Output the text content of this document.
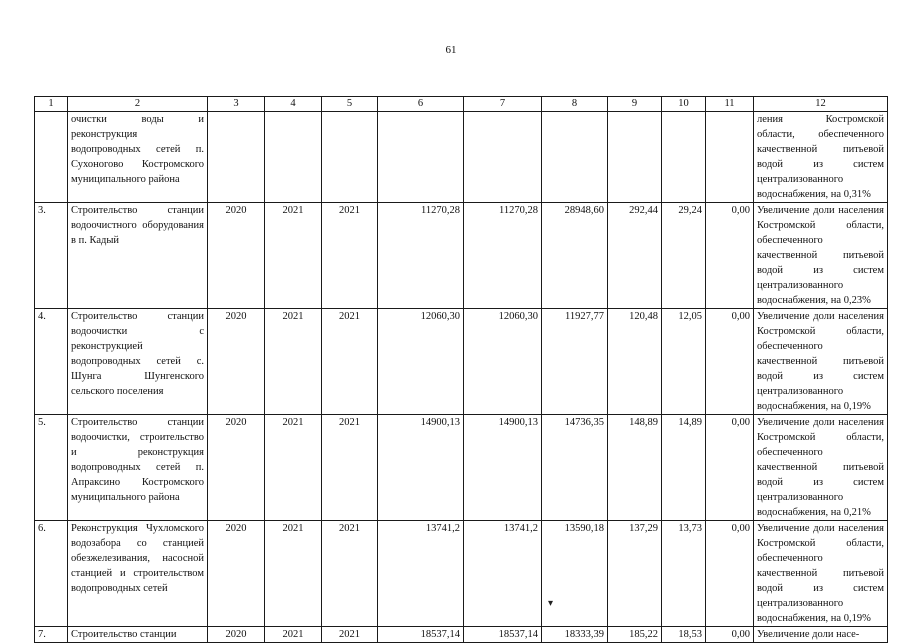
61
1	2	3	4	5	6	7	8	9	10	11	12
	очистки воды и реконструкция водопроводных сетей п. Сухоногово Костромского муниципального района										ления Костромской области, обеспеченного качественной питьевой водой из систем централизованного водоснабжения, на 0,31%
3.	Строительство станции водоочистного оборудования в п. Кадый	2020	2021	2021	11270,28	11270,28	28948,60	292,44	29,24	0,00	Увеличение доли населения Костромской области, обеспеченного качественной питьевой водой из систем централизованного водоснабжения, на 0,23%
4.	Строительство станции водоочистки с реконструкцией водопроводных сетей с. Шунга Шунгенского сельского поселения	2020	2021	2021	12060,30	12060,30	11927,77	120,48	12,05	0,00	Увеличение доли населения Костромской области, обеспеченного качественной питьевой водой из систем централизованного водоснабжения, на 0,19%
5.	Строительство станции водоочистки, строительство и реконструкция водопроводных сетей п. Апраксино Костромского муниципального района	2020	2021	2021	14900,13	14900,13	14736,35	148,89	14,89	0,00	Увеличение доли населения Костромской области, обеспеченного качественной питьевой водой из систем централизованного водоснабжения, на 0,21%
6.	Реконструкция Чухломского водозабора со станцией обезжелезивания, насосной станцией и строительством водопроводных сетей	2020	2021	2021	13741,2	13741,2	13590,18	137,29	13,73	0,00	Увеличение доли населения Костромской области, обеспеченного качественной питьевой водой из систем централизованного водоснабжения, на 0,19%
7.	Строительство станции	2020	2021	2021	18537,14	18537,14	18333,39	185,22	18,53	0,00	Увеличение доли насе-
▾
